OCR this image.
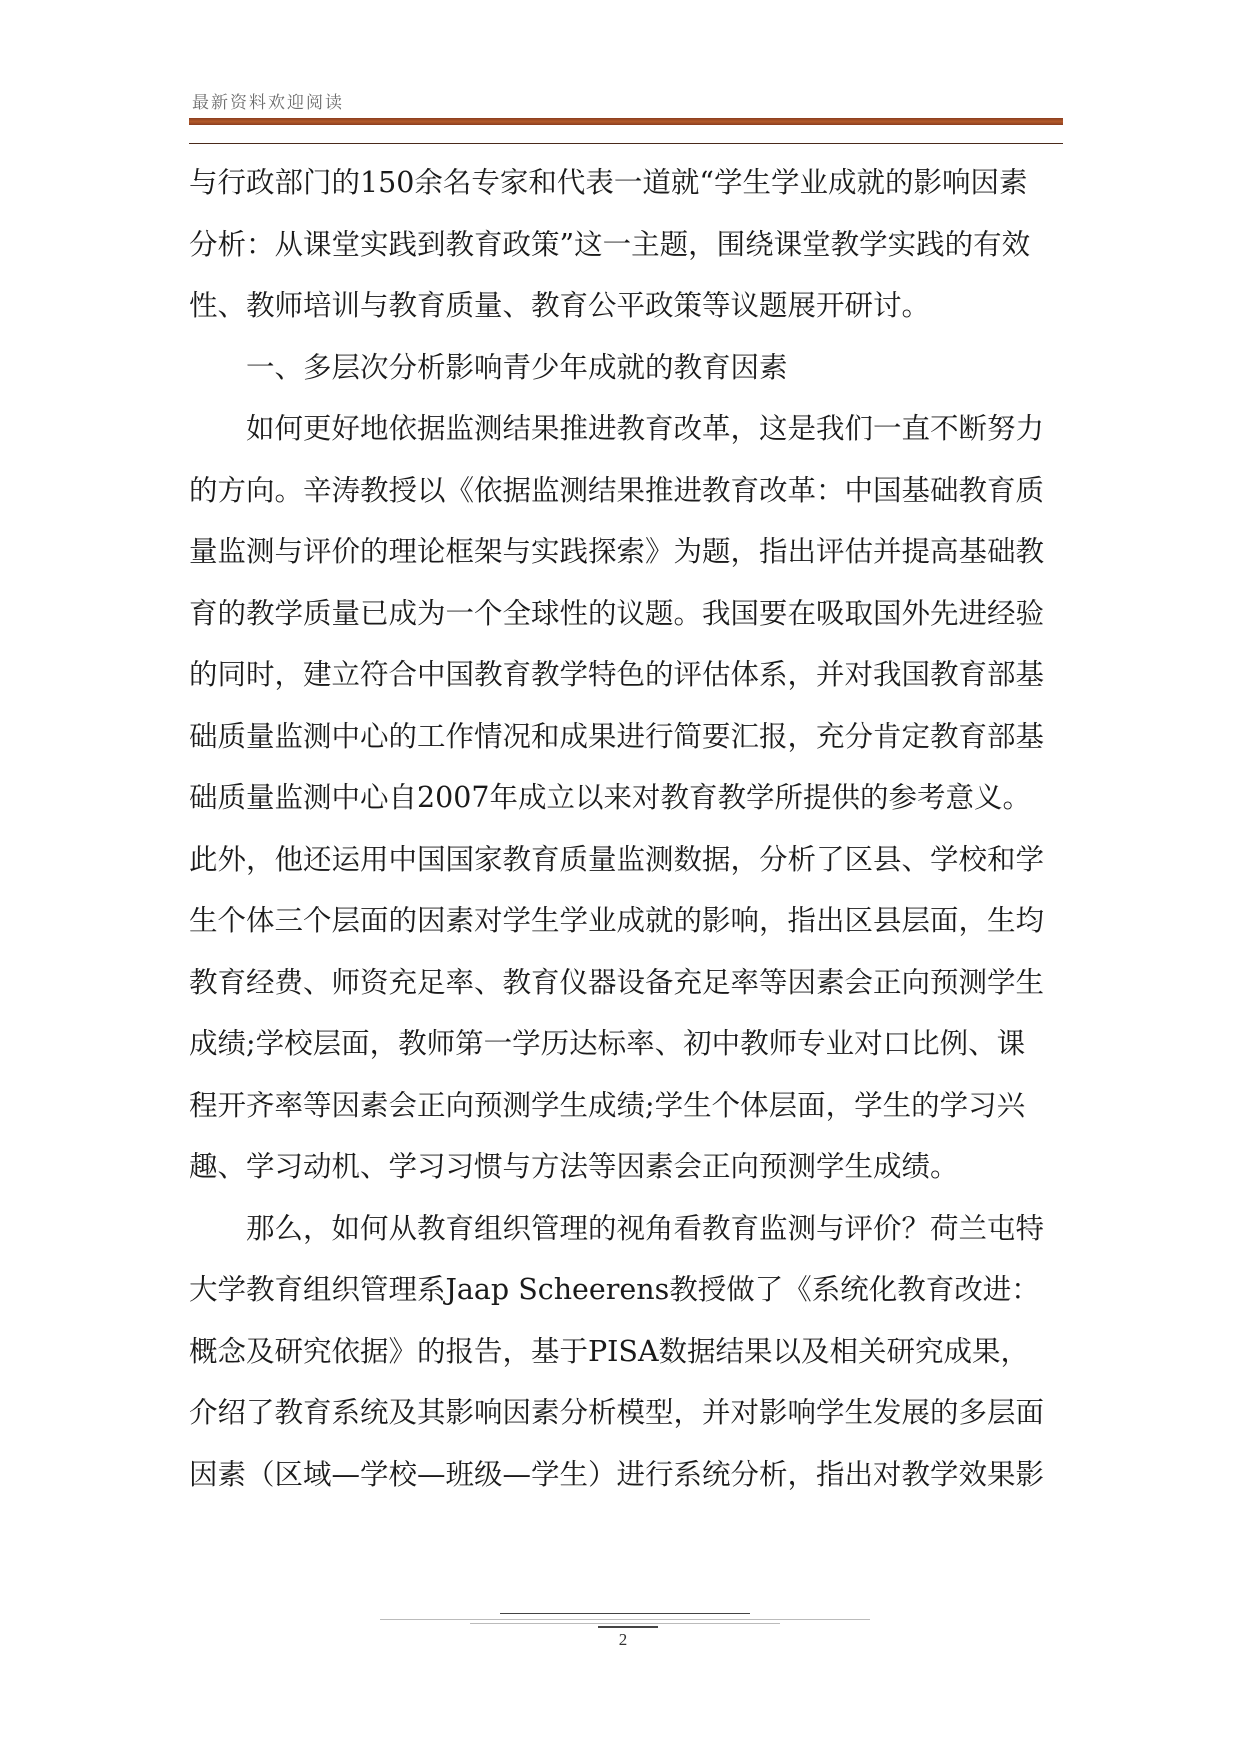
最新资料欢迎阅读
与行政部门的150余名专家和代表一道就“学生学业成就的影响因素
分析：从课堂实践到教育政策”这一主题，围绕课堂教学实践的有效
性、教师培训与教育质量、教育公平政策等议题展开研讨。
　　一、多层次分析影响青少年成就的教育因素
　　如何更好地依据监测结果推进教育改革，这是我们一直不断努力
的方向。辛涛教授以《依据监测结果推进教育改革：中国基础教育质
量监测与评价的理论框架与实践探索》为题，指出评估并提高基础教
育的教学质量已成为一个全球性的议题。我国要在吸取国外先进经验
的同时，建立符合中国教育教学特色的评估体系，并对我国教育部基
础质量监测中心的工作情况和成果进行简要汇报，充分肯定教育部基
础质量监测中心自2007年成立以来对教育教学所提供的参考意义。
此外，他还运用中国国家教育质量监测数据，分析了区县、学校和学
生个体三个层面的因素对学生学业成就的影响，指出区县层面，生均
教育经费、师资充足率、教育仪器设备充足率等因素会正向预测学生
成绩;学校层面，教师第一学历达标率、初中教师专业对口比例、课
程开齐率等因素会正向预测学生成绩;学生个体层面，学生的学习兴
趣、学习动机、学习习惯与方法等因素会正向预测学生成绩。
　　那么，如何从教育组织管理的视角看教育监测与评价？荷兰屯特
大学教育组织管理系Jaap Scheerens教授做了《系统化教育改进：
概念及研究依据》的报告，基于PISA数据结果以及相关研究成果，
介绍了教育系统及其影响因素分析模型，并对影响学生发展的多层面
因素（区域—学校—班级—学生）进行系统分析，指出对教学效果影
2
